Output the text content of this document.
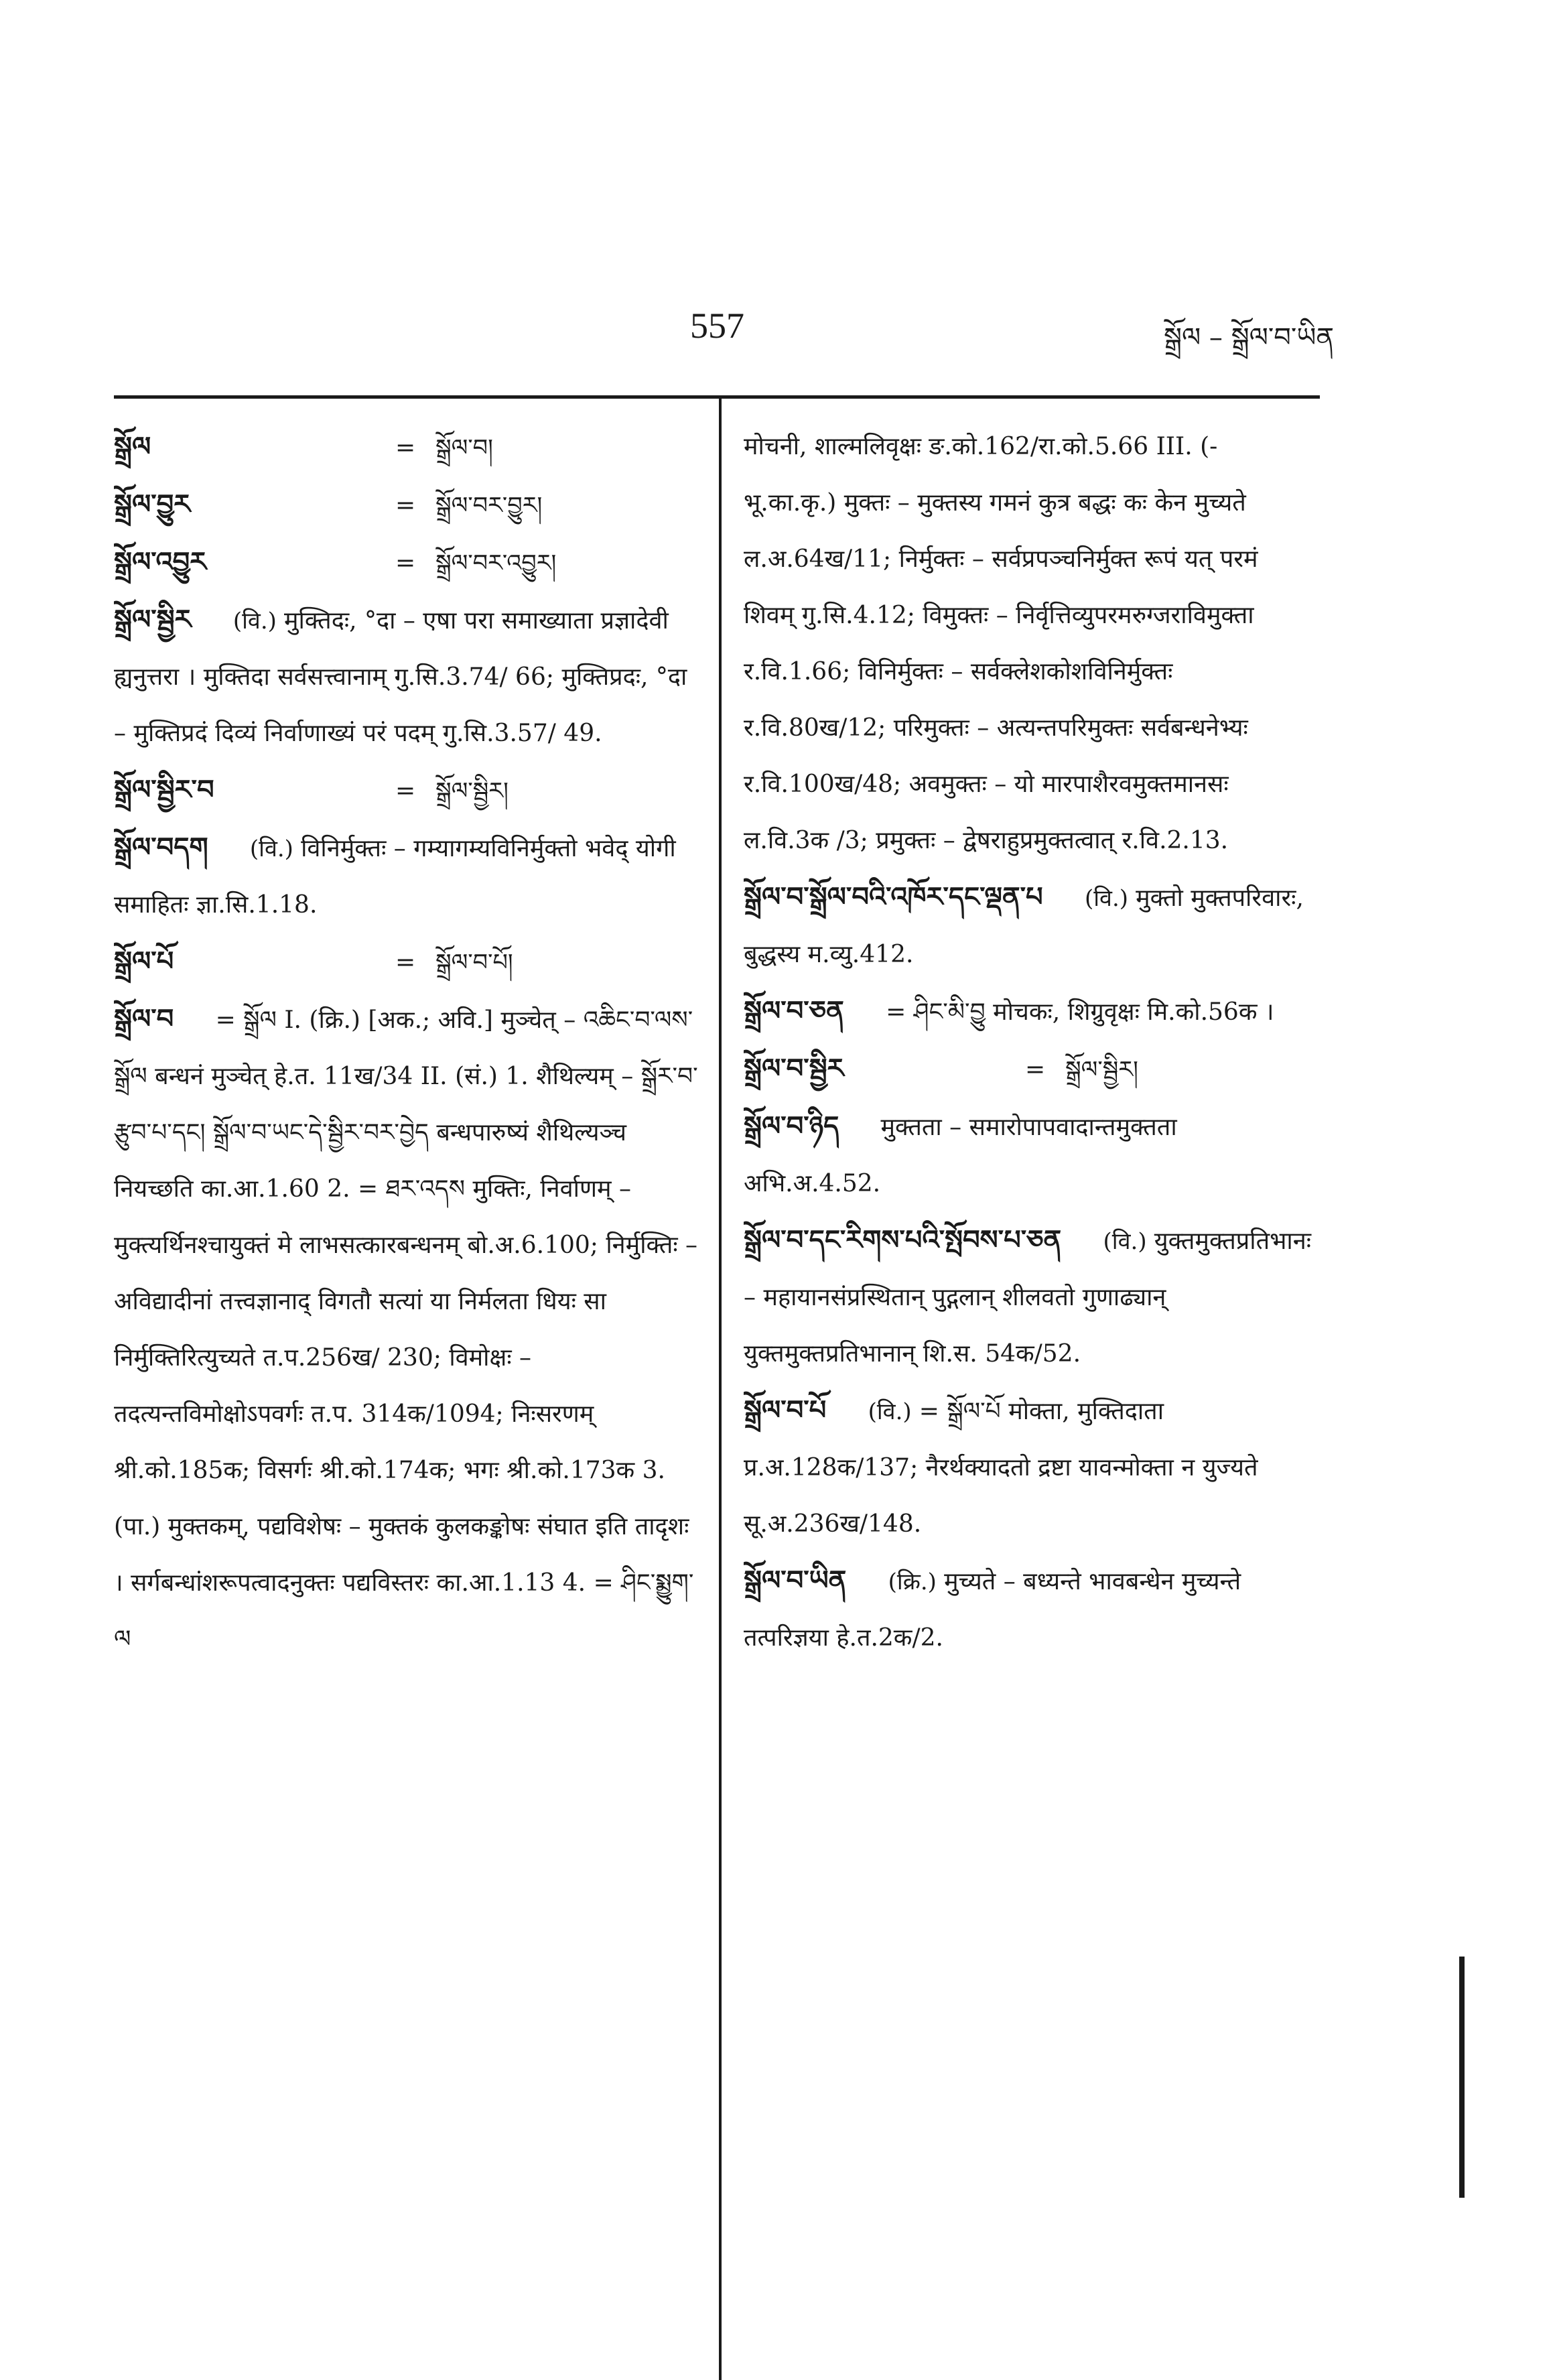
557	སྒྲོལ – སྒྲོལ་བ་ཡིན
སྒྲོལ	= སྒྲོལ་བ།
སྒྲོལ་བྱུར	= སྒྲོལ་བར་བྱུར།
སྒྲོལ་འབྱུར	= སྒྲོལ་བར་འབྱུར།
སྒྲོལ་སྦྱིར (वि.) मुक्तिदः, °दा – एषा परा समाख्याता प्रज्ञादेवी ह्यनुत्तरा । मुक्तिदा सर्वसत्त्वानाम् गु.सि.3.74/ 66; मुक्तिप्रदः, °दा – मुक्तिप्रदं दिव्यं निर्वाणाख्यं परं पदम् गु.सि.3.57/ 49.
སྒྲོལ་སྦྱིར་བ	= སྒྲོལ་སྦྱིར།
སྒྲོལ་བདག (वि.) विनिर्मुक्तः – गम्यागम्यविनिर्मुक्तो भवेद् योगी समाहितः ज्ञा.सि.1.18.
སྒྲོལ་པོ	= སྒྲོལ་བ་པོ།
སྒྲོལ་བ = སྒྲོལ I. (क्रि.) [अक.; अवि.] मुञ्चेत् – འཆིང་བ་ལས་སྒྲོལ बन्धनं मुञ्चेत् हे.त. 11ख/34 II. (सं.) 1. शैथिल्यम् – སྒྲོར་བ་རྩུབ་པ་དང། སྒྲོལ་བ་ཡང་དེ་སྦྱིར་བར་བྱེད बन्धपारुष्यं शैथिल्यञ्च नियच्छति का.आ.1.60 2. = ཐར་འདས मुक्तिः, निर्वाणम् – मुक्त्यर्थिनश्चायुक्तं मे लाभसत्कारबन्धनम् बो.अ.6.100; निर्मुक्तिः – अविद्यादीनां तत्त्वज्ञानाद् विगतौ सत्यां या निर्मलता धियः सा निर्मुक्तिरित्युच्यते त.प.256ख/ 230; विमोक्षः – तदत्यन्तविमोक्षोऽपवर्गः त.प. 314क/1094; निःसरणम् श्री.को.185क; विसर्गः श्री.को.174क; भगः श्री.को.173क 3. (पा.) मुक्तकम्, पद्यविशेषः – मुक्तकं कुलकङ्कोषः संघात इति तादृशः । सर्गबन्धांशरूपत्वादनुक्तः पद्यविस्तरः का.आ.1.13 4. = ཤིང་སྨྱུག་ལ
मोचनी, शाल्मलिवृक्षः ङ.को.162/रा.को.5.66 III. (- भू.का.कृ.) मुक्तः – मुक्तस्य गमनं कुत्र बद्धः कः केन मुच्यते ल.अ.64ख/11; निर्मुक्तः – सर्वप्रपञ्चनिर्मुक्त रूपं यत् परमं शिवम् गु.सि.4.12; विमुक्तः – निर्वृत्तिव्युपरमरुग्जराविमुक्ता र.वि.1.66; विनिर्मुक्तः – सर्वक्लेशकोशविनिर्मुक्तः र.वि.80ख/12; परिमुक्तः – अत्यन्तपरिमुक्तः सर्वबन्धनेभ्यः र.वि.100ख/48; अवमुक्तः – यो मारपाशैरवमुक्तमानसः ल.वि.3क /3; प्रमुक्तः – द्वेषराहुप्रमुक्तत्वात् र.वि.2.13.
སྒྲོལ་བ་སྒྲོལ་བའི་འཁོར་དང་ལྡན་པ (वि.) मुक्तो मुक्तपरिवारः, बुद्धस्य म.व्यु.412.
སྒྲོལ་བ་ཅན = ཤིང་མི་བྱུ मोचकः, शिग्रुवृक्षः मि.को.56क ।
སྒྲོལ་བ་སྦྱིར	= སྒྲོལ་སྦྱིར།
སྒྲོལ་བ་ཉིད मुक्तता – समारोपापवादान्तमुक्तता अभि.अ.4.52.
སྒྲོལ་བ་དང་རིགས་པའི་སྤོབས་པ་ཅན (वि.) युक्तमुक्तप्रतिभानः – महायानसंप्रस्थितान् पुद्गलान् शीलवतो गुणाढ्यान् युक्तमुक्तप्रतिभानान् शि.स. 54क/52.
སྒྲོལ་བ་པོ (वि.) = སྒྲོལ་པོ मोक्ता, मुक्तिदाता प्र.अ.128क/137; नैरर्थक्यादतो द्रष्टा यावन्मोक्ता न युज्यते सू.अ.236ख/148.
སྒྲོལ་བ་ཡིན (क्रि.) मुच्यते – बध्यन्ते भावबन्धेन मुच्यन्ते तत्परिज्ञया हे.त.2क/2.
